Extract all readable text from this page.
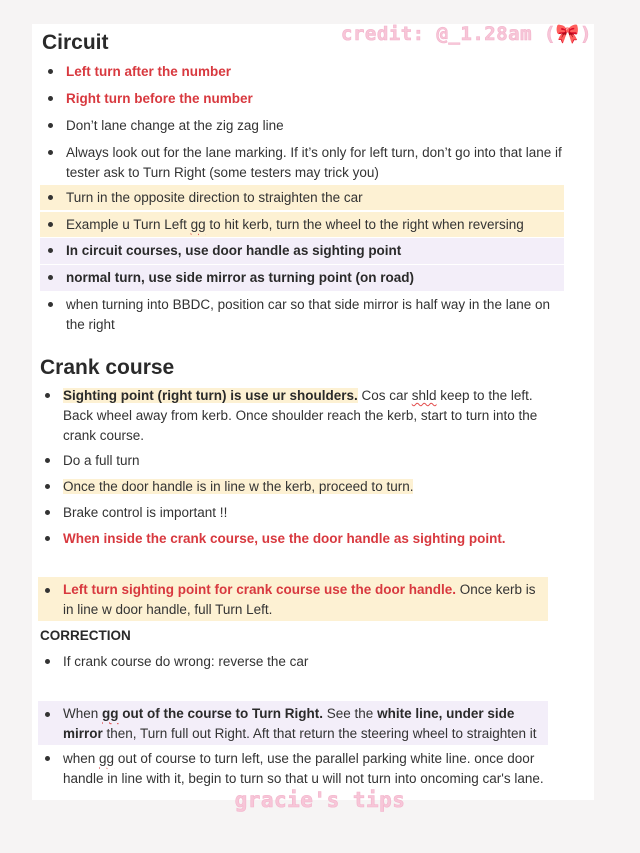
credit: @_1.28am (🎀)
Circuit
Left turn after the number
Right turn before the number
Don’t lane change at the zig zag line
Always look out for the lane marking. If it’s only for left turn, don’t go into that lane if tester ask to Turn Right (some testers may trick you)
Turn in the opposite direction to straighten the car
Example u Turn Left gg to hit kerb, turn the wheel to the right when reversing
In circuit courses, use door handle as sighting point
normal turn, use side mirror as turning point (on road)
when turning into BBDC, position car so that side mirror is half way in the lane on the right
Crank course
Sighting point (right turn) is use ur shoulders. Cos car shld keep to the left. Back wheel away from kerb. Once shoulder reach the kerb, start to turn into the crank course.
Do a full turn
Once the door handle is in line w the kerb, proceed to turn.
Brake control is important !!
When inside the crank course, use the door handle as sighting point.
Left turn sighting point for crank course use the door handle. Once kerb is in line w door handle, full Turn Left.
CORRECTION
If crank course do wrong: reverse the car
When gg out of the course to Turn Right. See the white line, under side mirror then, Turn full out Right. Aft that return the steering wheel to straighten it
when gg out of course to turn left, use the parallel parking white line. once door handle in line with it, begin to turn so that u will not turn into oncoming car's lane.
gracie's tips
